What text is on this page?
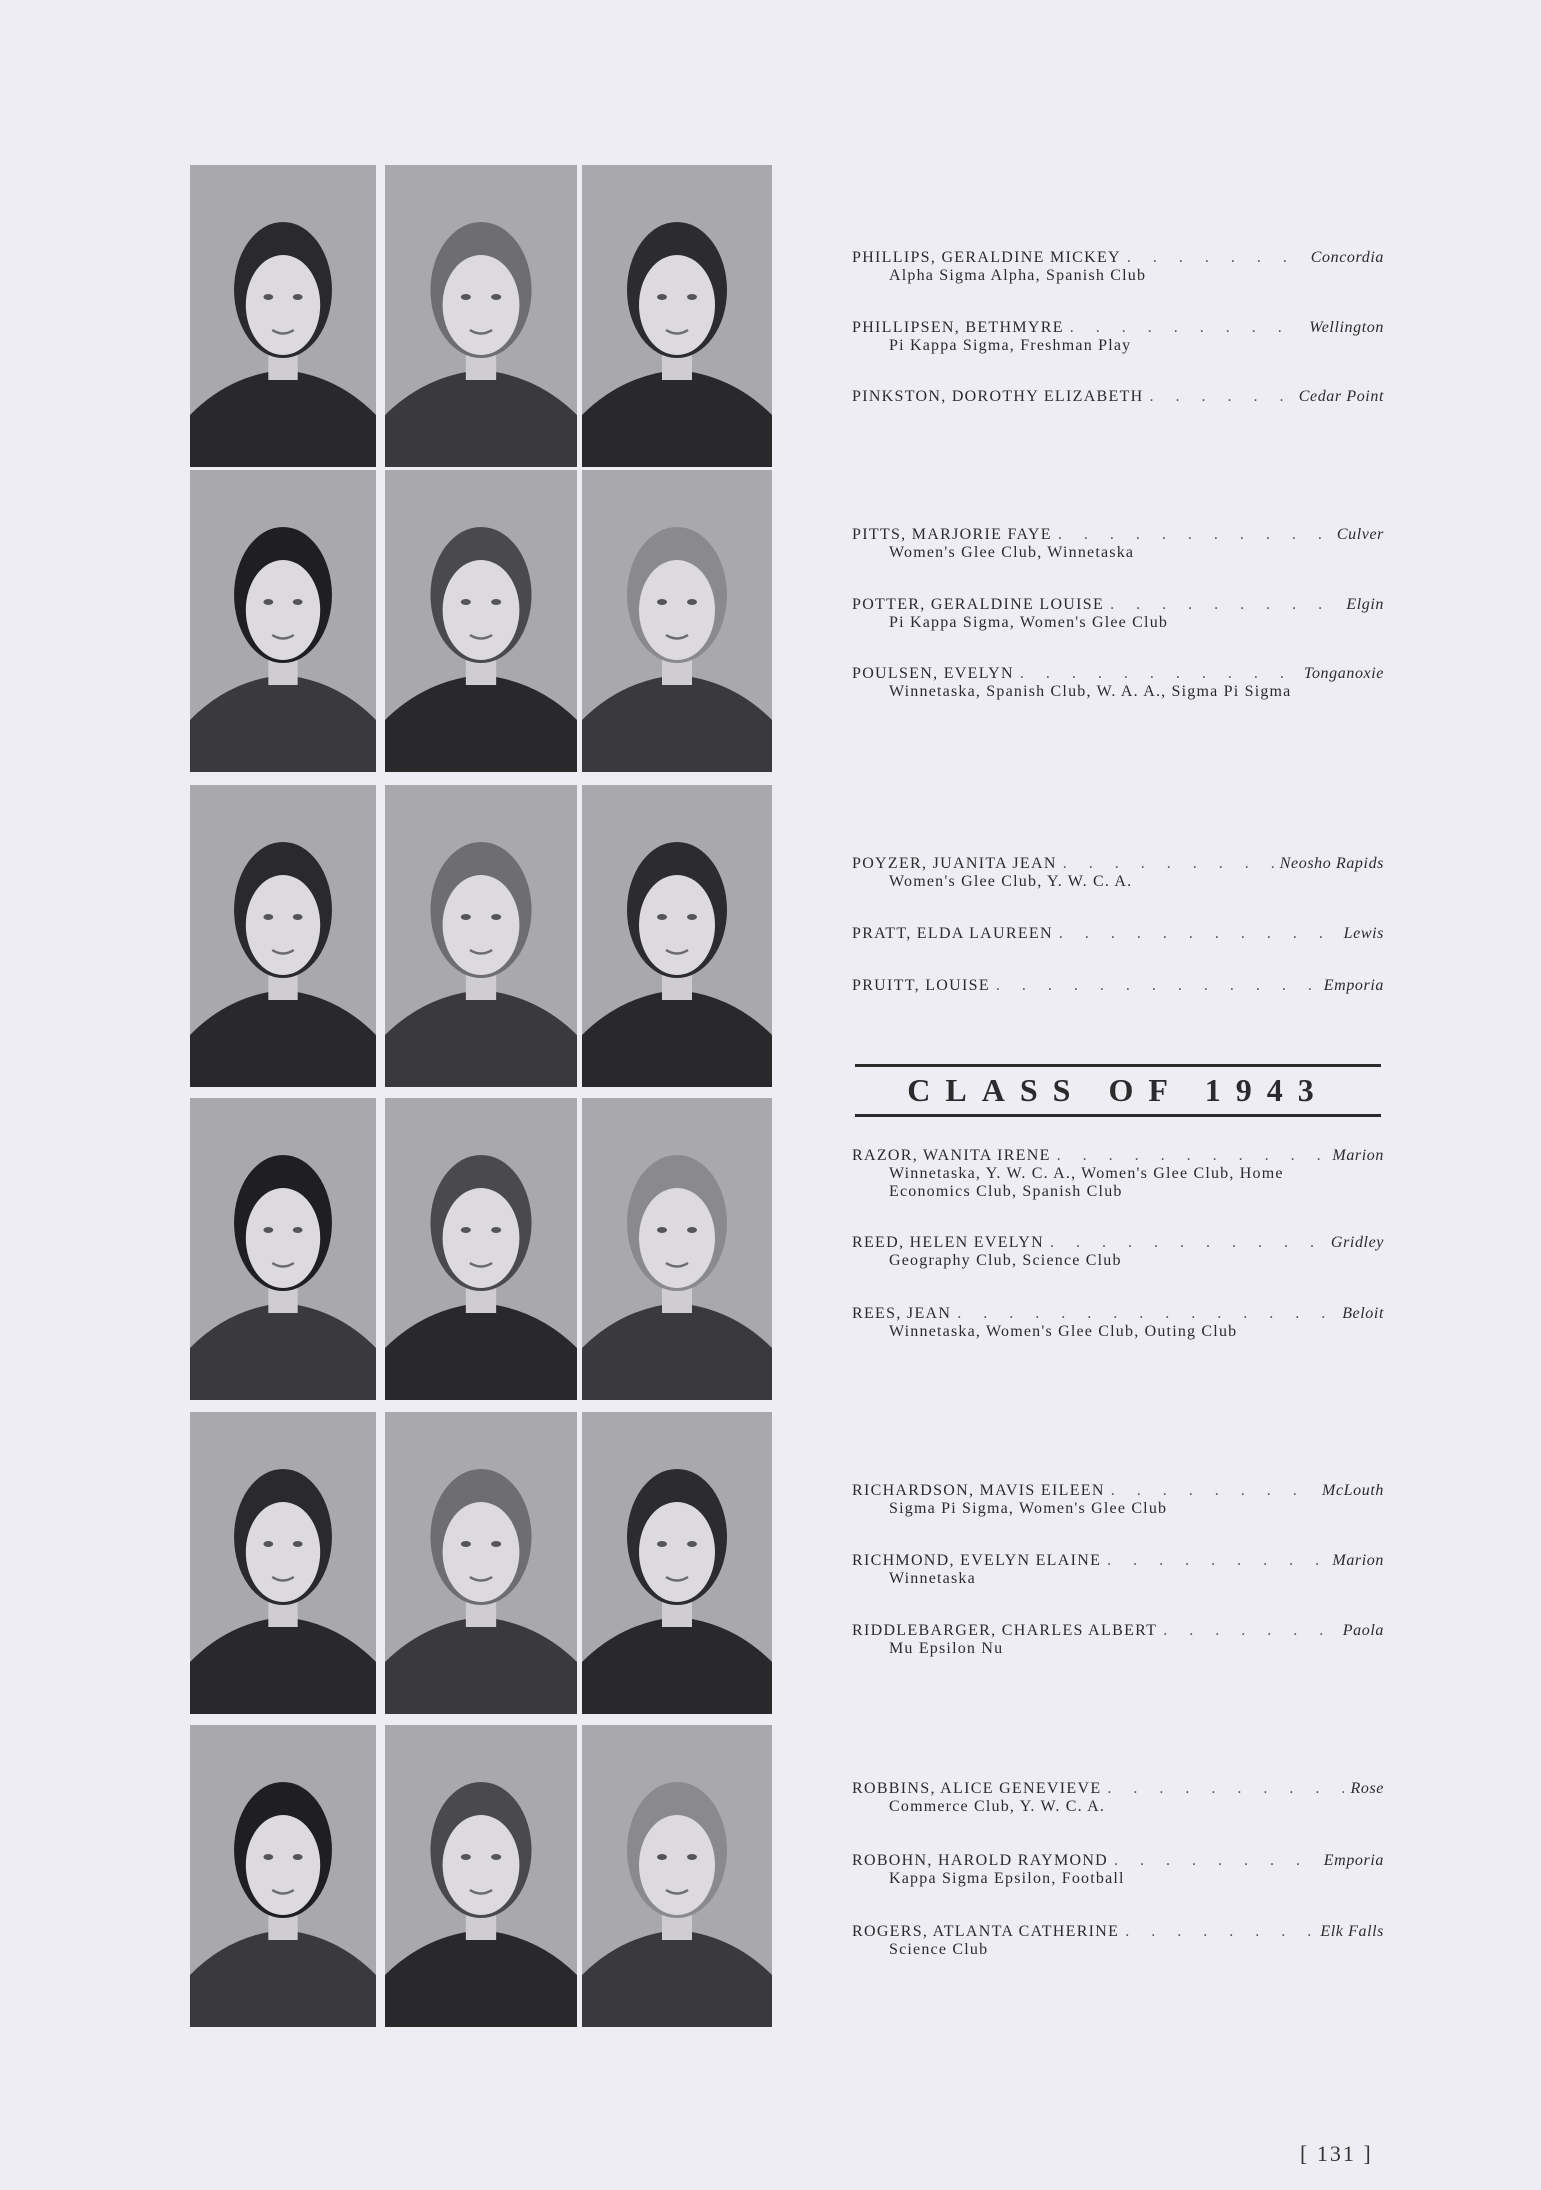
PHILLIPS, GERALDINE MICKEY . . .	Concordia
Alpha Sigma Alpha, Spanish Club
PHILLIPSEN, BETHMYRE . . .	Wellington
Pi Kappa Sigma, Freshman Play
PINKSTON, DOROTHY ELIZABETH . . .	Cedar Point
PITTS, MARJORIE FAYE . . .	Culver
Women's Glee Club, Winnetaska
POTTER, GERALDINE LOUISE . . .	Elgin
Pi Kappa Sigma, Women's Glee Club
POULSEN, EVELYN . . .	Tonganoxie
Winnetaska, Spanish Club, W. A. A., Sigma Pi Sigma
POYZER, JUANITA JEAN . . .	Neosho Rapids
Women's Glee Club, Y. W. C. A.
PRATT, ELDA LAUREEN . . .	Lewis
PRUITT, LOUISE . . .	Emporia
RAZOR, WANITA IRENE . . .	Marion
Winnetaska, Y. W. C. A., Women's Glee Club, Home Economics Club, Spanish Club
REED, HELEN EVELYN . . .	Gridley
Geography Club, Science Club
REES, JEAN . . .	Beloit
Winnetaska, Women's Glee Club, Outing Club
RICHARDSON, MAVIS EILEEN . . .	McLouth
Sigma Pi Sigma, Women's Glee Club
RICHMOND, EVELYN ELAINE . . .	Marion
Winnetaska
RIDDLEBARGER, CHARLES ALBERT . . .	Paola
Mu Epsilon Nu
ROBBINS, ALICE GENEVIEVE . . .	Rose
Commerce Club, Y. W. C. A.
ROBOHN, HAROLD RAYMOND . . .	Emporia
Kappa Sigma Epsilon, Football
ROGERS, ATLANTA CATHERINE . . .	Elk Falls
Science Club
CLASS OF 1943
[ 131 ]
